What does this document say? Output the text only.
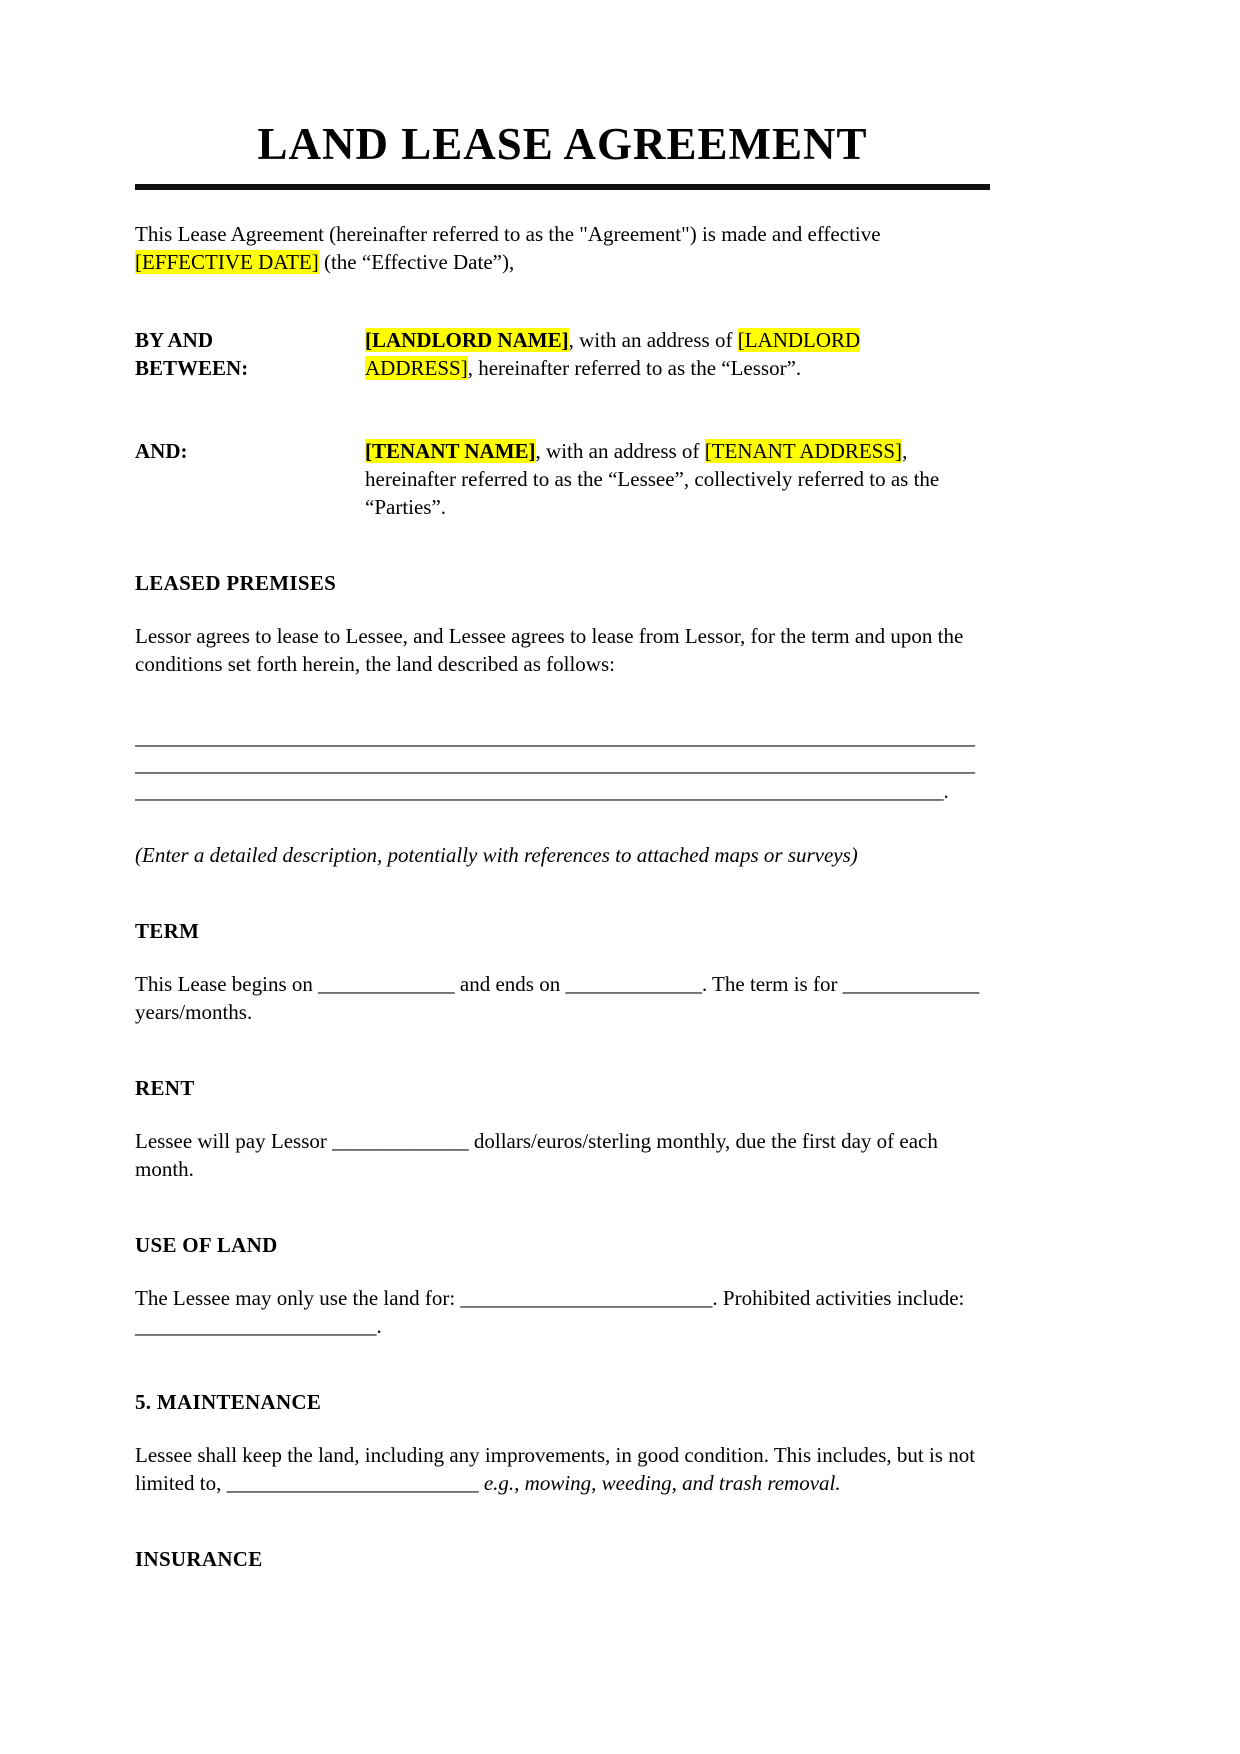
LAND LEASE AGREEMENT

This Lease Agreement (hereinafter referred to as the "Agreement") is made and effective [EFFECTIVE DATE] (the “Effective Date”),

BY AND BETWEEN:
[LANDLORD NAME], with an address of [LANDLORD ADDRESS], hereinafter referred to as the “Lessor”.
AND:	[TENANT NAME], with an address of [TENANT ADDRESS], hereinafter referred to as the “Lessee”, collectively referred to as the “Parties”.
LEASED PREMISES

Lessor agrees to lease to Lessee, and Lessee agrees to lease from Lessor, for the term and upon the conditions set forth herein, the land described as follows:

________________________________________________________________________________
________________________________________________________________________________
_____________________________________________________________________________.

(Enter a detailed description, potentially with references to attached maps or surveys)

TERM

This Lease begins on _____________ and ends on _____________. The term is for _____________ years/months.

RENT

Lessee will pay Lessor _____________ dollars/euros/sterling monthly, due the first day of each month.

USE OF LAND

The Lessee may only use the land for: ________________________. Prohibited activities include: _______________________.

5. MAINTENANCE

Lessee shall keep the land, including any improvements, in good condition. This includes, but is not limited to, ________________________ e.g., mowing, weeding, and trash removal.

INSURANCE
